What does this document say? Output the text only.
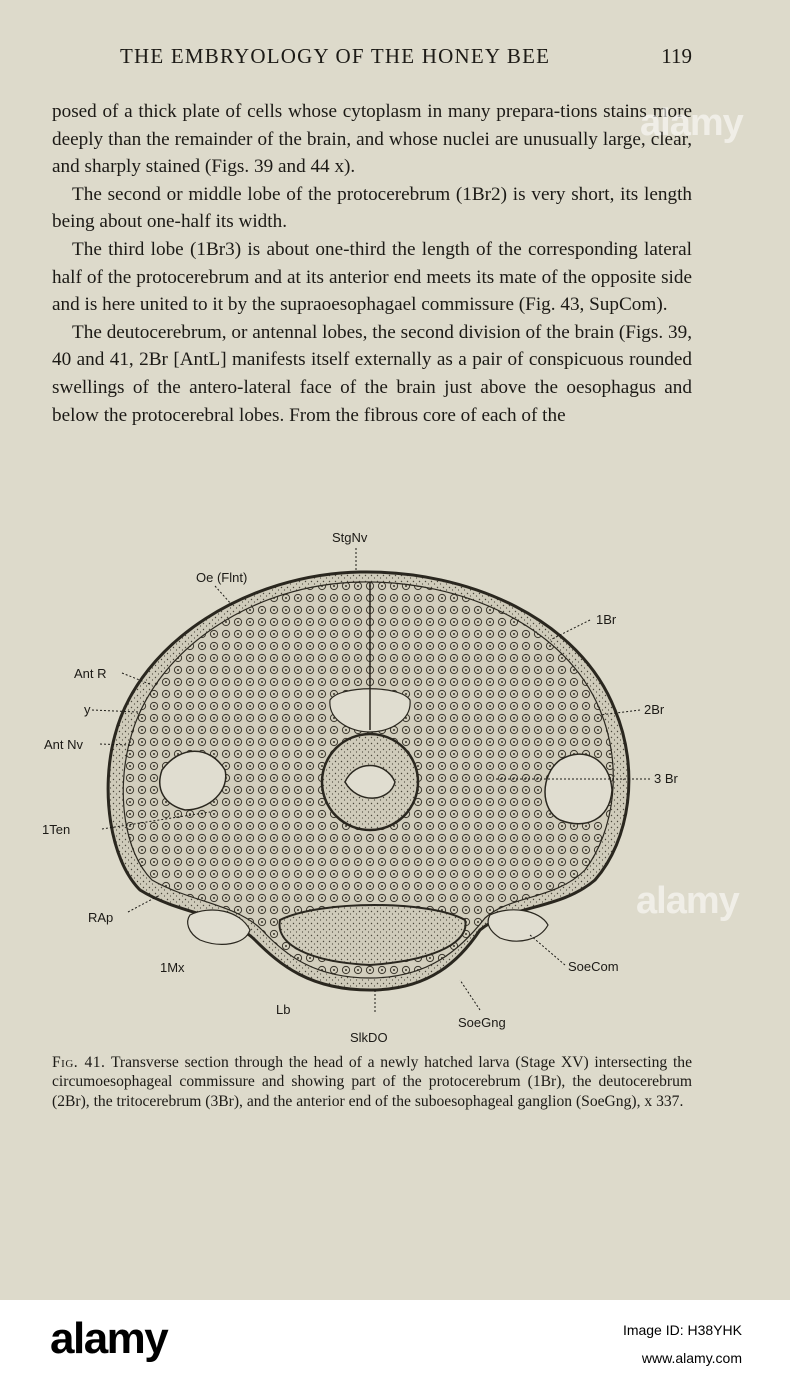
THE EMBRYOLOGY OF THE HONEY BEE	119

posed of a thick plate of cells whose cytoplasm in many prepara-tions stains more deeply than the remainder of the brain, and whose nuclei are unusually large, clear, and sharply stained (Figs. 39 and 44 x).

The second or middle lobe of the protocerebrum (1Br2) is very short, its length being about one-half its width.

The third lobe (1Br3) is about one-third the length of the corresponding lateral half of the protocerebrum and at its anterior end meets its mate of the opposite side and is here united to it by the supraoesophagael commissure (Fig. 43, SupCom).

The deutocerebrum, or antennal lobes, the second division of the brain (Figs. 39, 40 and 41, 2Br [AntL] manifests itself externally as a pair of conspicuous rounded swellings of the antero-lateral face of the brain just above the oesophagus and below the protocerebral lobes. From the fibrous core of each of the

StgNv
Oe (Flnt)
1Br
Ant R
y	2Br
Ant Nv
3 Br
1Ten
RAp
1Mx	SoeCom
Lb
SoeGng
SlkDO
Fig. 41. Transverse section through the head of a newly hatched larva (Stage XV) intersecting the circumoesophageal commissure and showing part of the protocerebrum (1Br), the deutocerebrum (2Br), the tritocerebrum (3Br), and the anterior end of the suboesophageal ganglion (SoeGng), x 337.
alamy
alamy
alamy	Image ID: H38YHK
www.alamy.com
